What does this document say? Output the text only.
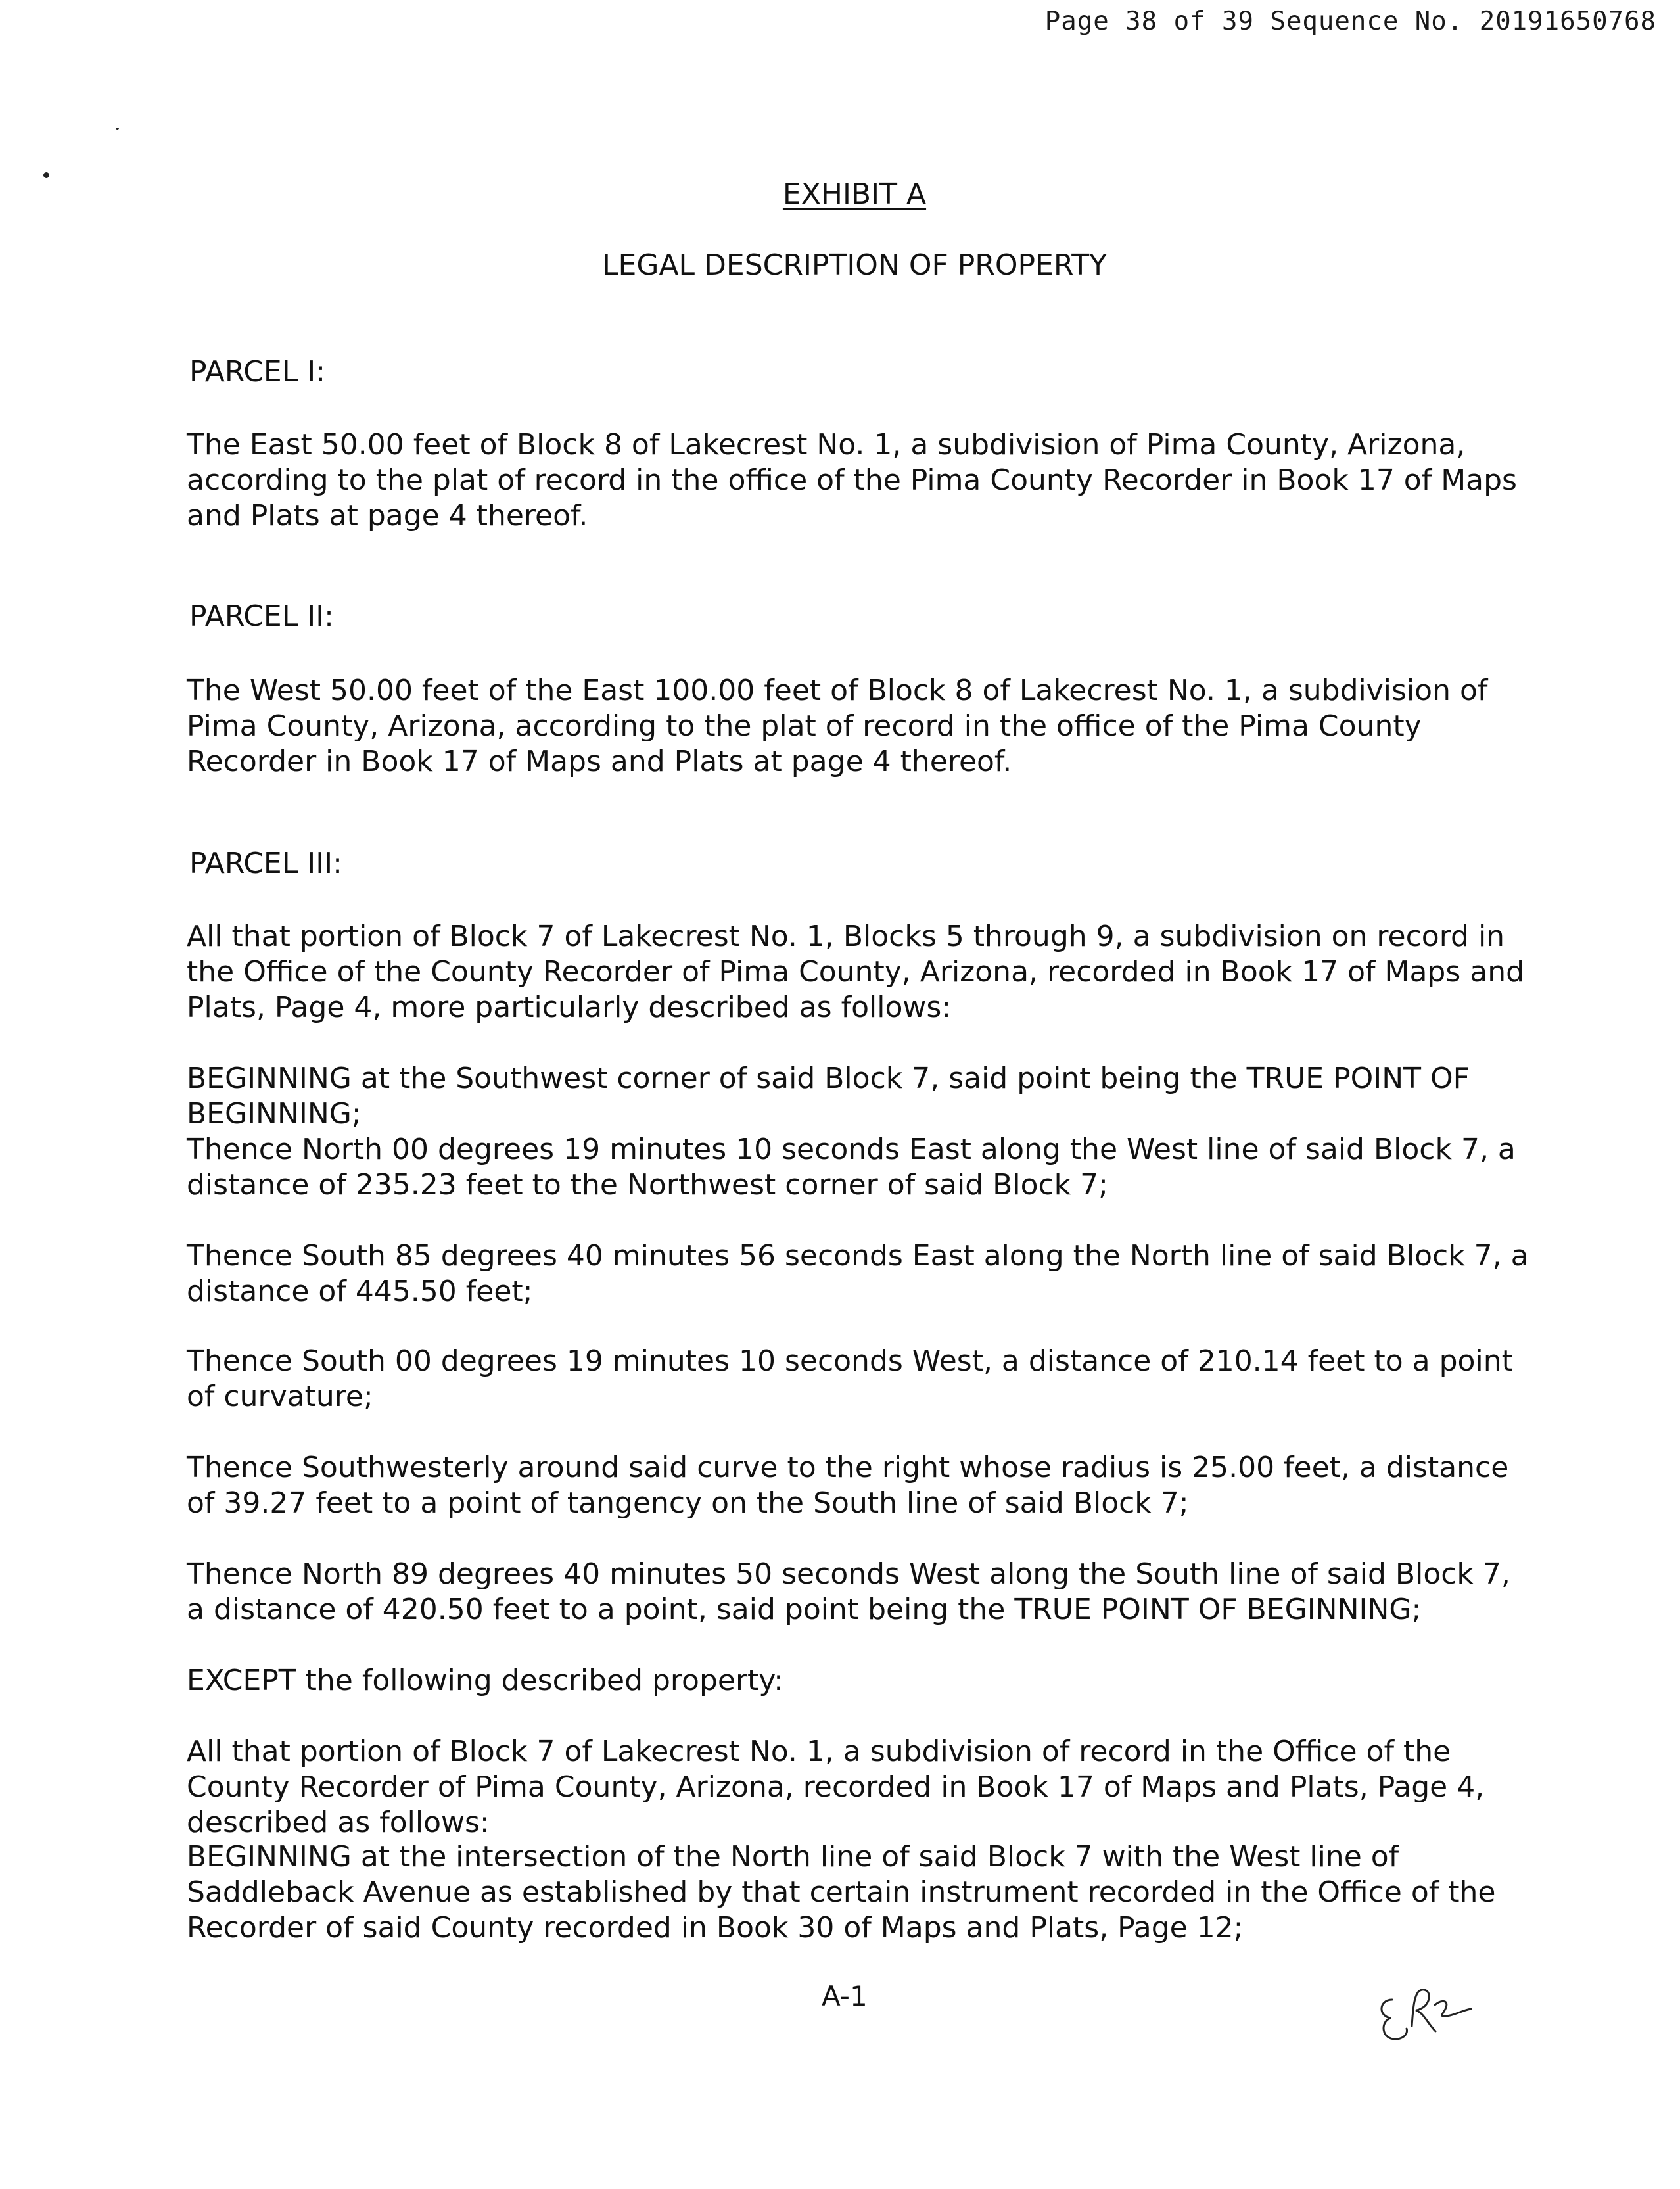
Page 38 of 39 Sequence No. 20191650768
EXHIBIT A
LEGAL DESCRIPTION OF PROPERTY
PARCEL I:

The East 50.00 feet of Block 8 of Lakecrest No. 1, a subdivision of Pima County, Arizona, according to the plat of record in the office of the Pima County Recorder in Book 17 of Maps and Plats at page 4 thereof.

PARCEL II:

The West 50.00 feet of the East 100.00 feet of Block 8 of Lakecrest No. 1, a subdivision of Pima County, Arizona, according to the plat of record in the office of the Pima County Recorder in Book 17 of Maps and Plats at page 4 thereof.

PARCEL III:

All that portion of Block 7 of Lakecrest No. 1, Blocks 5 through 9, a subdivision on record in the Office of the County Recorder of Pima County, Arizona, recorded in Book 17 of Maps and Plats, Page 4, more particularly described as follows:

BEGINNING at the Southwest corner of said Block 7, said point being the TRUE POINT OF BEGINNING;

Thence North 00 degrees 19 minutes 10 seconds East along the West line of said Block 7, a distance of 235.23 feet to the Northwest corner of said Block 7;

Thence South 85 degrees 40 minutes 56 seconds East along the North line of said Block 7, a distance of 445.50 feet;

Thence South 00 degrees 19 minutes 10 seconds West, a distance of 210.14 feet to a point of curvature;

Thence Southwesterly around said curve to the right whose radius is 25.00 feet, a distance of 39.27 feet to a point of tangency on the South line of said Block 7;

Thence North 89 degrees 40 minutes 50 seconds West along the South line of said Block 7, a distance of 420.50 feet to a point, said point being the TRUE POINT OF BEGINNING;

EXCEPT the following described property:

All that portion of Block 7 of Lakecrest No. 1, a subdivision of record in the Office of the County Recorder of Pima County, Arizona, recorded in Book 17 of Maps and Plats, Page 4, described as follows:

BEGINNING at the intersection of the North line of said Block 7 with the West line of Saddleback Avenue as established by that certain instrument recorded in the Office of the Recorder of said County recorded in Book 30 of Maps and Plats, Page 12;

A-1
